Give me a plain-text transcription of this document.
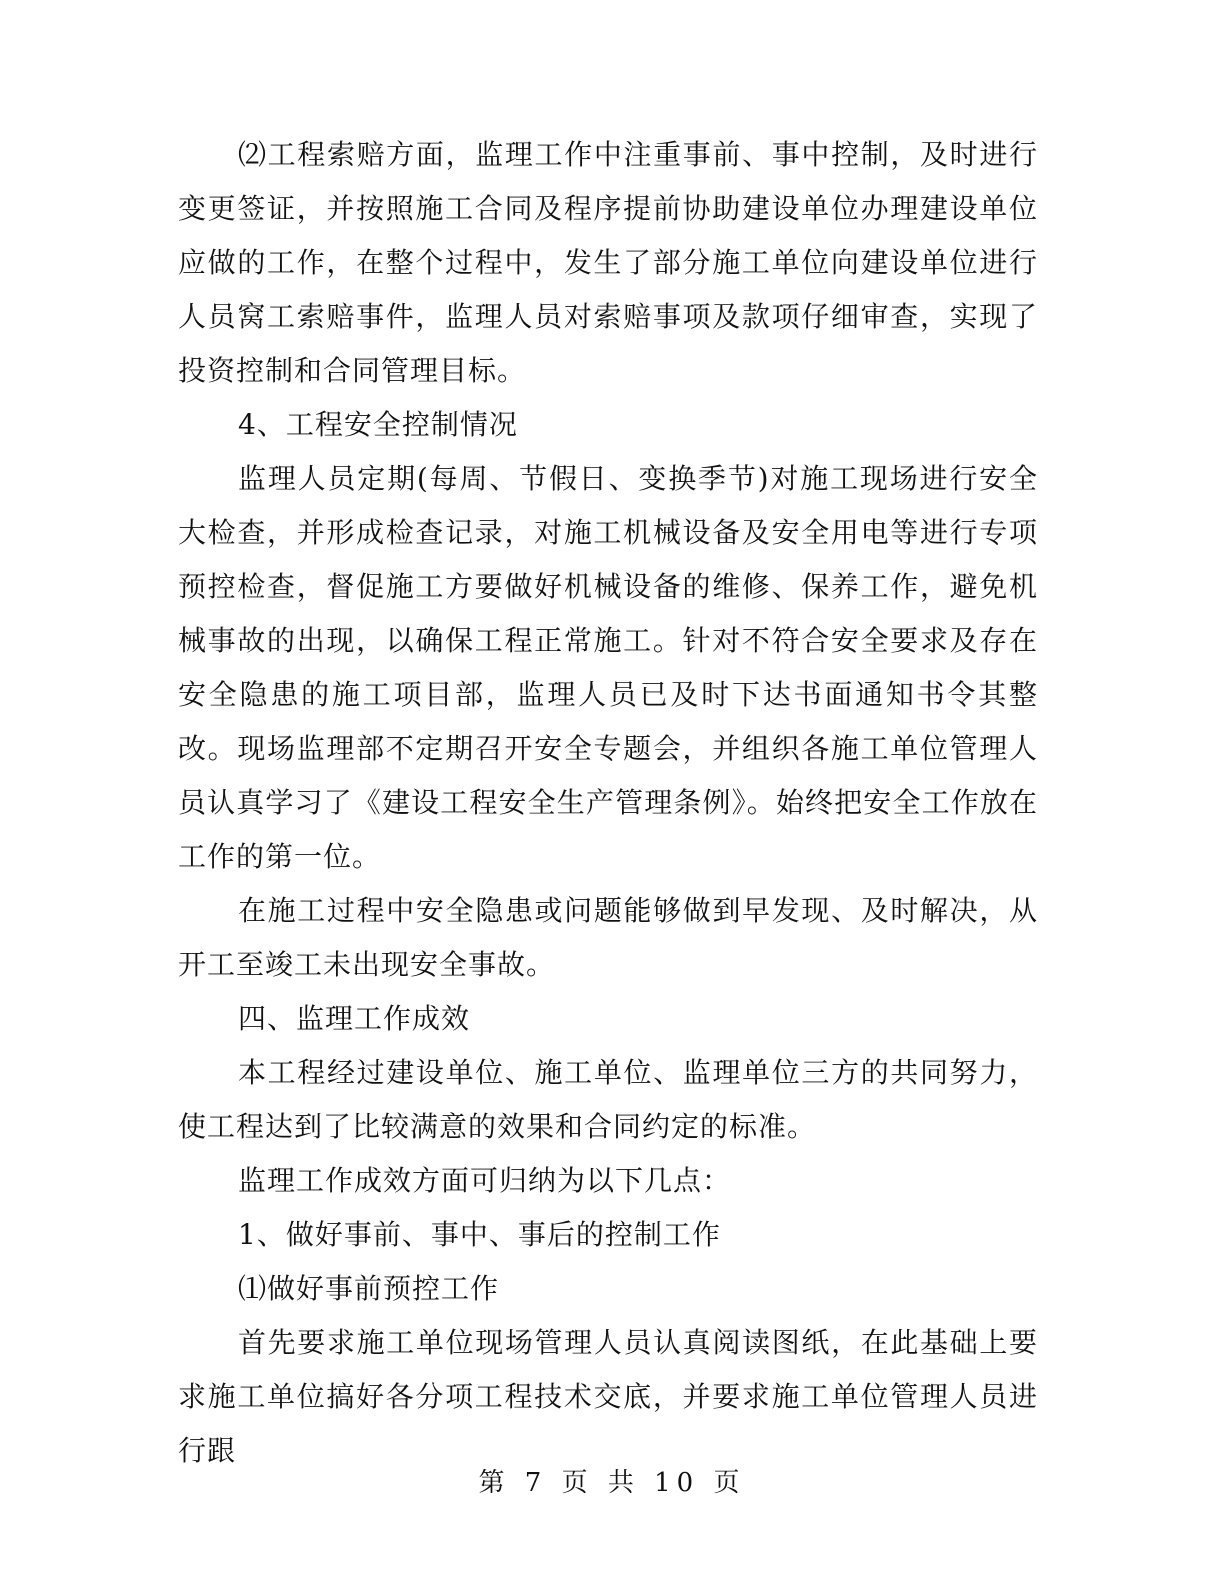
⑵工程索赔方面，监理工作中注重事前、事中控制，及时进行变更签证，并按照施工合同及程序提前协助建设单位办理建设单位应做的工作，在整个过程中，发生了部分施工单位向建设单位进行人员窝工索赔事件，监理人员对索赔事项及款项仔细审查，实现了投资控制和合同管理目标。

4、工程安全控制情况

监理人员定期(每周、节假日、变换季节)对施工现场进行安全大检查，并形成检查记录，对施工机械设备及安全用电等进行专项预控检查，督促施工方要做好机械设备的维修、保养工作，避免机械事故的出现，以确保工程正常施工。针对不符合安全要求及存在安全隐患的施工项目部，监理人员已及时下达书面通知书令其整改。现场监理部不定期召开安全专题会，并组织各施工单位管理人员认真学习了《建设工程安全生产管理条例》。始终把安全工作放在工作的第一位。

在施工过程中安全隐患或问题能够做到早发现、及时解决，从开工至竣工未出现安全事故。

四、监理工作成效

本工程经过建设单位、施工单位、监理单位三方的共同努力，使工程达到了比较满意的效果和合同约定的标准。

监理工作成效方面可归纳为以下几点：

1、做好事前、事中、事后的控制工作

⑴做好事前预控工作

首先要求施工单位现场管理人员认真阅读图纸，在此基础上要求施工单位搞好各分项工程技术交底，并要求施工单位管理人员进行跟

第 7 页 共 10 页
